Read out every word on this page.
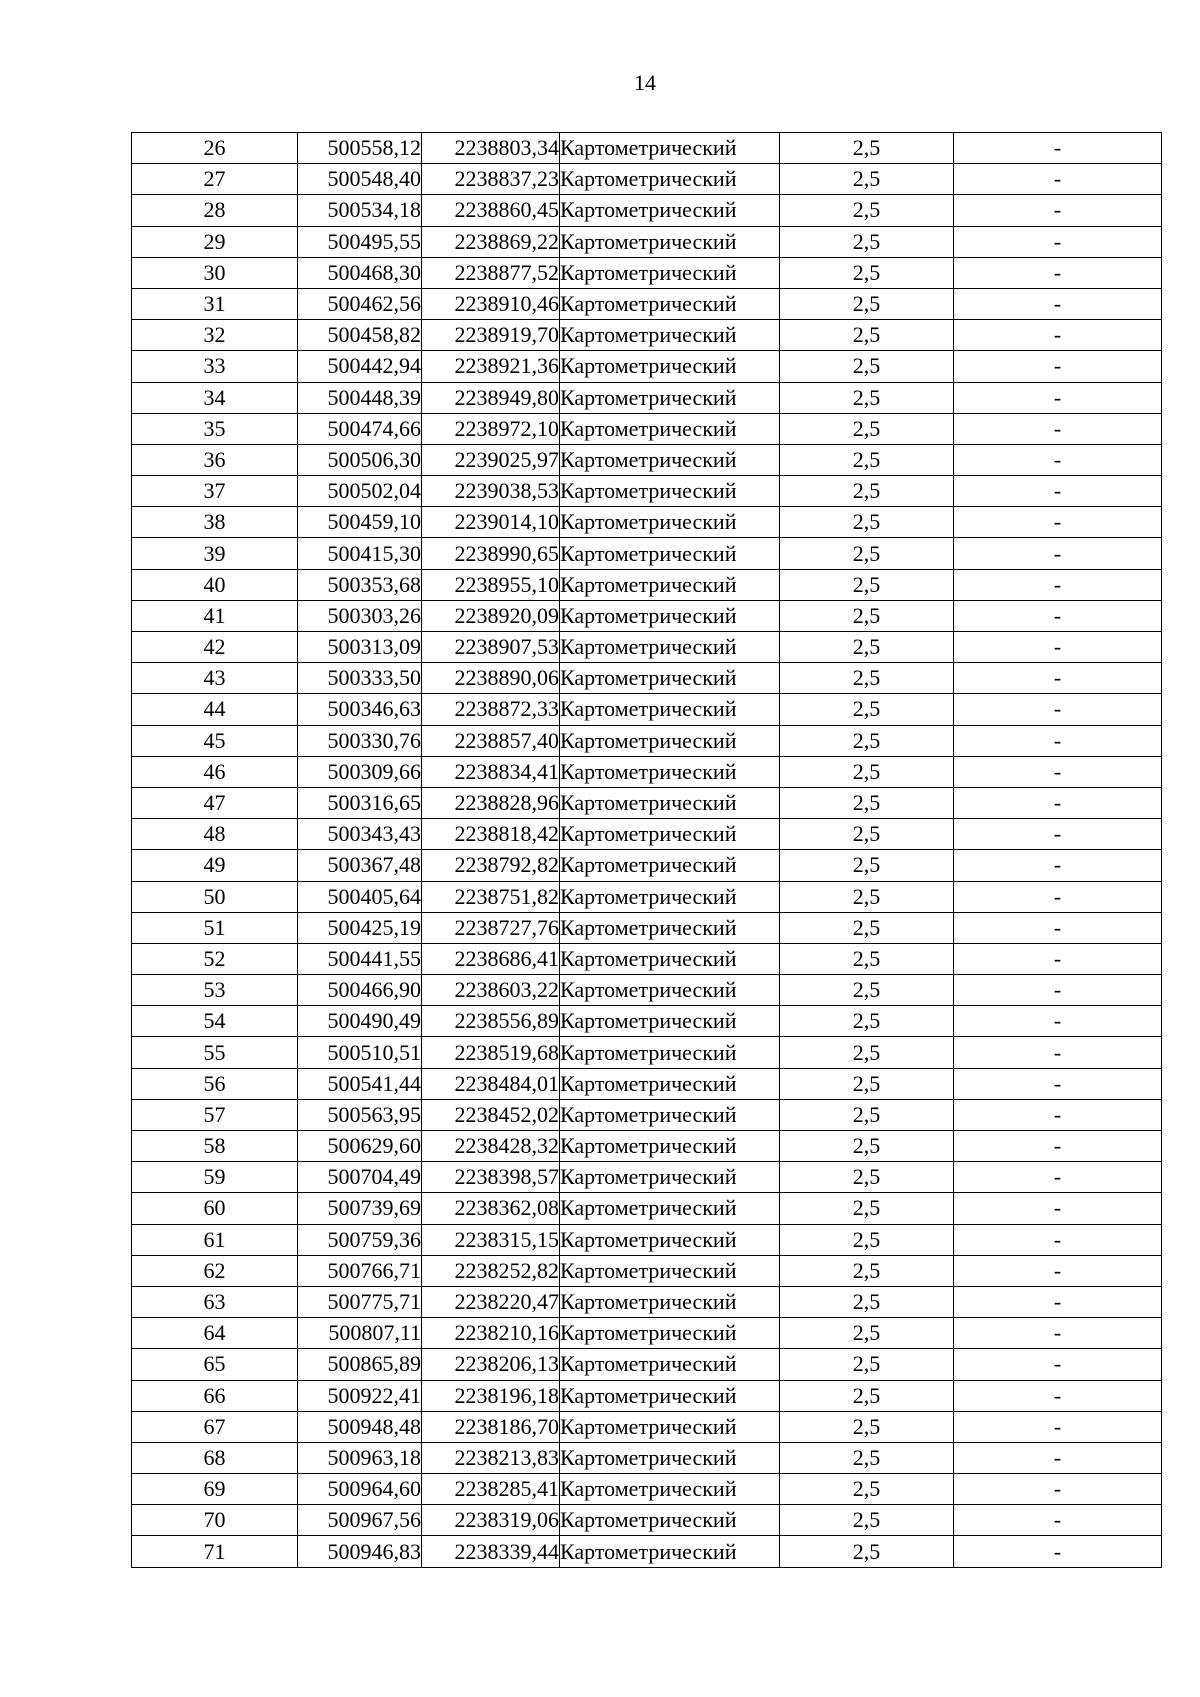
14
26	500558,12	2238803,34	Картометрический	2,5	-
27	500548,40	2238837,23	Картометрический	2,5	-
28	500534,18	2238860,45	Картометрический	2,5	-
29	500495,55	2238869,22	Картометрический	2,5	-
30	500468,30	2238877,52	Картометрический	2,5	-
31	500462,56	2238910,46	Картометрический	2,5	-
32	500458,82	2238919,70	Картометрический	2,5	-
33	500442,94	2238921,36	Картометрический	2,5	-
34	500448,39	2238949,80	Картометрический	2,5	-
35	500474,66	2238972,10	Картометрический	2,5	-
36	500506,30	2239025,97	Картометрический	2,5	-
37	500502,04	2239038,53	Картометрический	2,5	-
38	500459,10	2239014,10	Картометрический	2,5	-
39	500415,30	2238990,65	Картометрический	2,5	-
40	500353,68	2238955,10	Картометрический	2,5	-
41	500303,26	2238920,09	Картометрический	2,5	-
42	500313,09	2238907,53	Картометрический	2,5	-
43	500333,50	2238890,06	Картометрический	2,5	-
44	500346,63	2238872,33	Картометрический	2,5	-
45	500330,76	2238857,40	Картометрический	2,5	-
46	500309,66	2238834,41	Картометрический	2,5	-
47	500316,65	2238828,96	Картометрический	2,5	-
48	500343,43	2238818,42	Картометрический	2,5	-
49	500367,48	2238792,82	Картометрический	2,5	-
50	500405,64	2238751,82	Картометрический	2,5	-
51	500425,19	2238727,76	Картометрический	2,5	-
52	500441,55	2238686,41	Картометрический	2,5	-
53	500466,90	2238603,22	Картометрический	2,5	-
54	500490,49	2238556,89	Картометрический	2,5	-
55	500510,51	2238519,68	Картометрический	2,5	-
56	500541,44	2238484,01	Картометрический	2,5	-
57	500563,95	2238452,02	Картометрический	2,5	-
58	500629,60	2238428,32	Картометрический	2,5	-
59	500704,49	2238398,57	Картометрический	2,5	-
60	500739,69	2238362,08	Картометрический	2,5	-
61	500759,36	2238315,15	Картометрический	2,5	-
62	500766,71	2238252,82	Картометрический	2,5	-
63	500775,71	2238220,47	Картометрический	2,5	-
64	500807,11	2238210,16	Картометрический	2,5	-
65	500865,89	2238206,13	Картометрический	2,5	-
66	500922,41	2238196,18	Картометрический	2,5	-
67	500948,48	2238186,70	Картометрический	2,5	-
68	500963,18	2238213,83	Картометрический	2,5	-
69	500964,60	2238285,41	Картометрический	2,5	-
70	500967,56	2238319,06	Картометрический	2,5	-
71	500946,83	2238339,44	Картометрический	2,5	-
